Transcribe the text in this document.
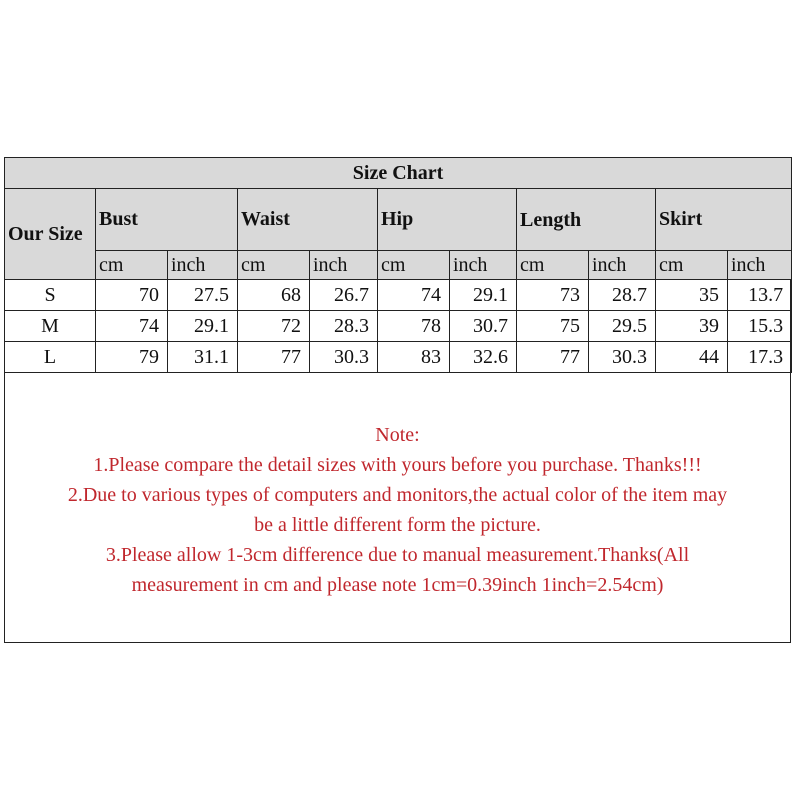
Size Chart										
Our Size	Bust		Waist		Hip		Length		Skirt	
	cm	inch	cm	inch	cm	inch	cm	inch	cm	inch
S	70	27.5	68	26.7	74	29.1	73	28.7	35	13.7
M	74	29.1	72	28.3	78	30.7	75	29.5	39	15.3
L	79	31.1	77	30.3	83	32.6	77	30.3	44	17.3
Note:
1.Please compare the detail sizes with yours before you purchase. Thanks!!!
2.Due to various types of computers and monitors,the actual color of the item may
be a little different form the picture.
3.Please allow 1-3cm difference due to manual measurement.Thanks(All
measurement in cm and please note 1cm=0.39inch 1inch=2.54cm)
